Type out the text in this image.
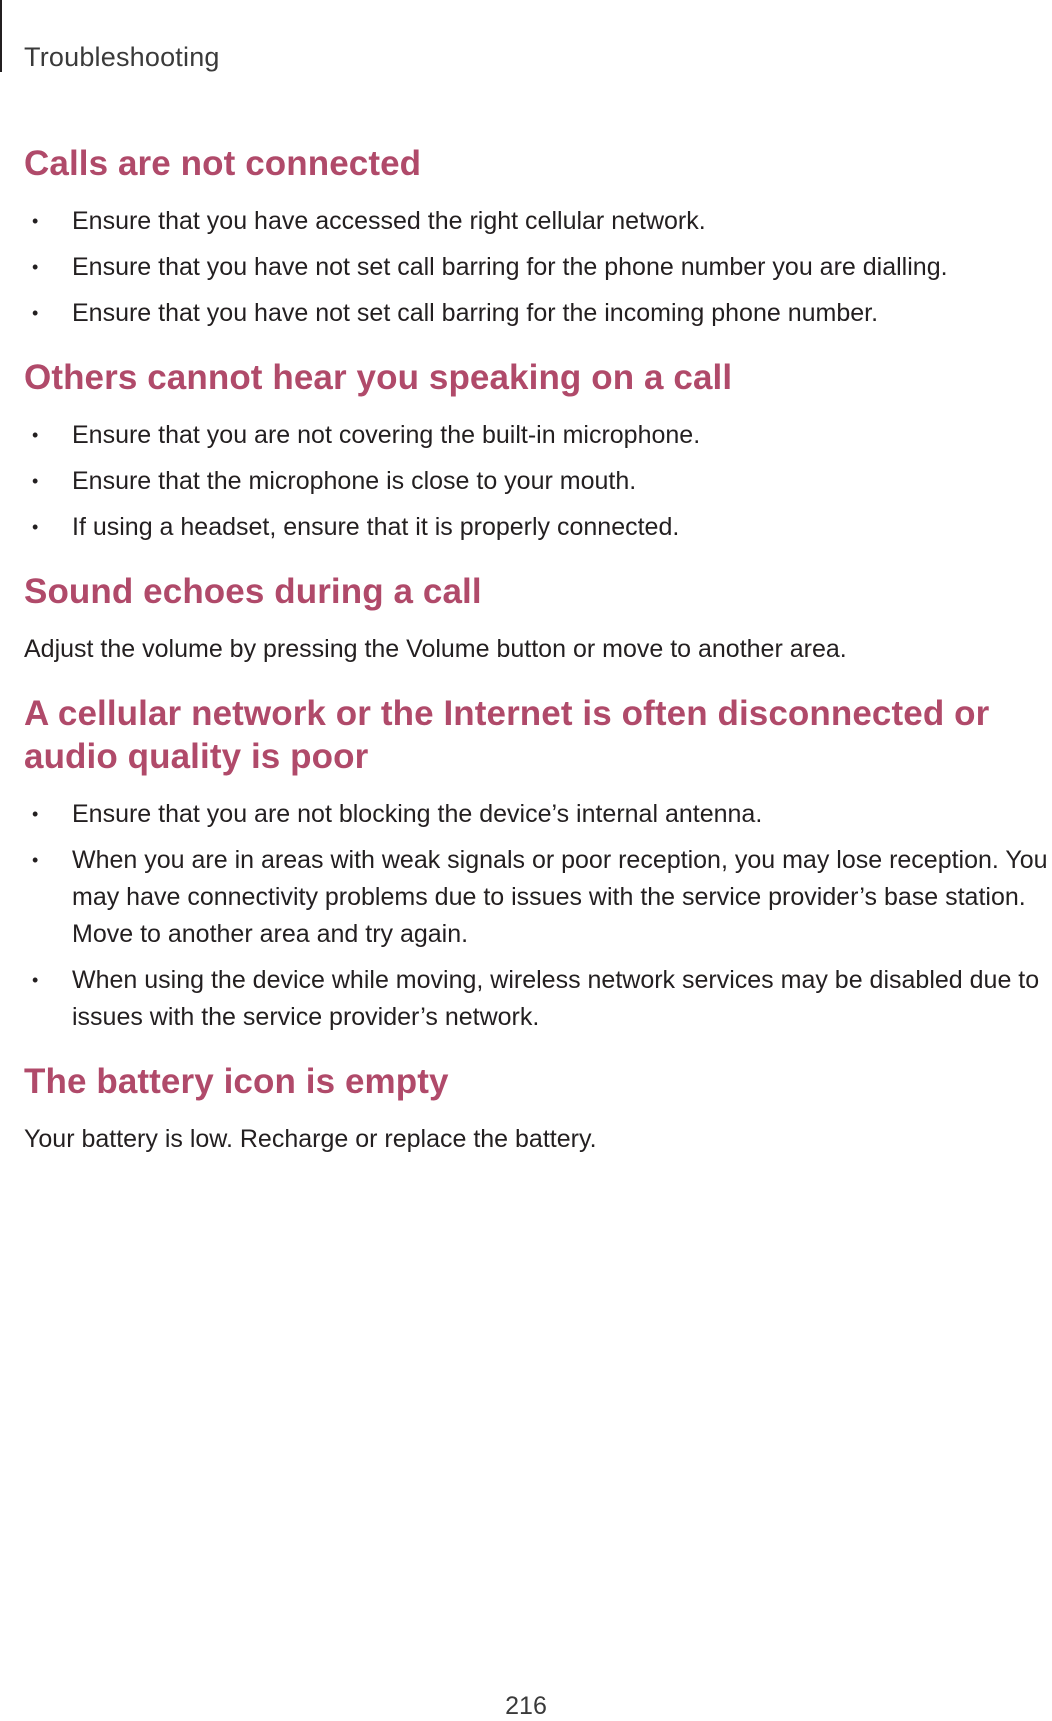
Troubleshooting
Calls are not connected
• Ensure that you have accessed the right cellular network.
• Ensure that you have not set call barring for the phone number you are dialling.
• Ensure that you have not set call barring for the incoming phone number.
Others cannot hear you speaking on a call
• Ensure that you are not covering the built-in microphone.
• Ensure that the microphone is close to your mouth.
• If using a headset, ensure that it is properly connected.
Sound echoes during a call

Adjust the volume by pressing the Volume button or move to another area.

A cellular network or the Internet is often disconnected or audio quality is poor
• Ensure that you are not blocking the device’s internal antenna.
• When you are in areas with weak signals or poor reception, you may lose reception. You may have connectivity problems due to issues with the service provider’s base station. Move to another area and try again.
• When using the device while moving, wireless network services may be disabled due to issues with the service provider’s network.
The battery icon is empty

Your battery is low. Recharge or replace the battery.

216
